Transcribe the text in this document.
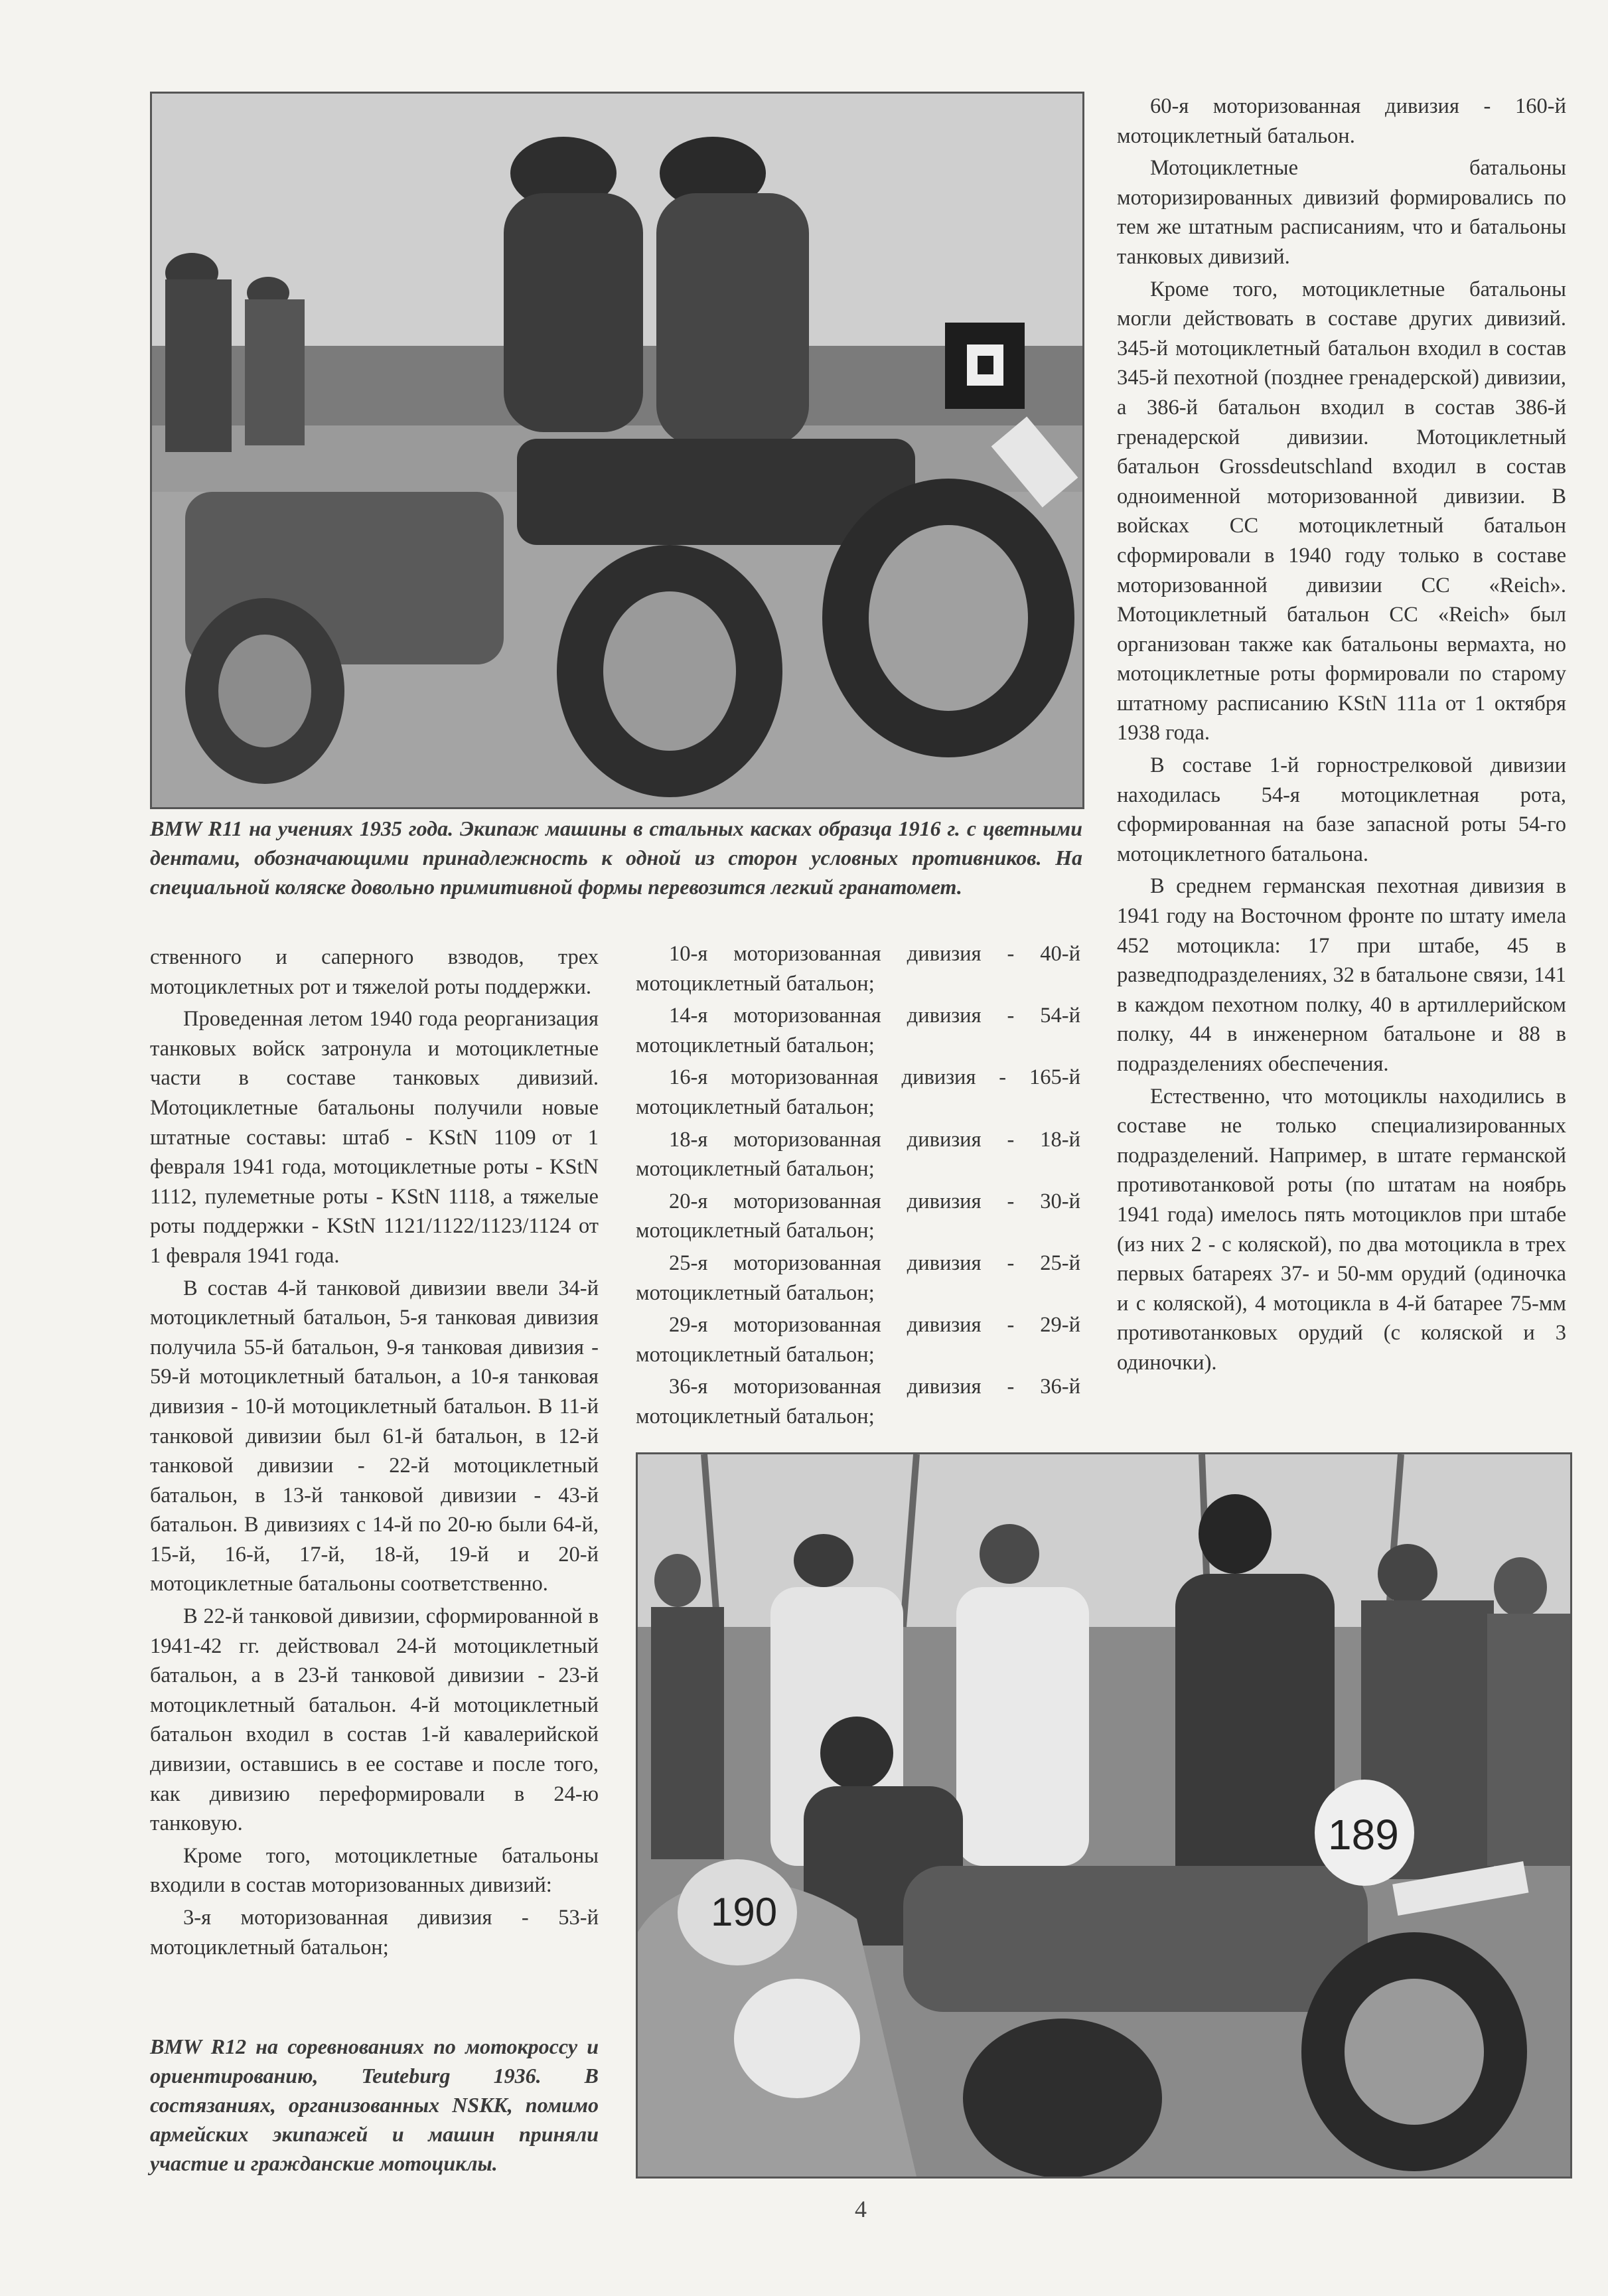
BMW R11 на учениях 1935 года. Экипаж машины в стальных касках образца 1916 г. с цветными дентами, обозначающими принадлежность к одной из сторон условных противников. На специальной коляске довольно примитивной формы перевозится легкий гранатомет.

ственного и саперного взводов, трех мотоциклетных рот и тяжелой роты поддержки.

Проведенная летом 1940 года реорганизация танковых войск затронула и мотоциклетные части в составе танковых дивизий. Мотоциклетные батальоны получили новые штатные составы: штаб - KStN 1109 от 1 февраля 1941 года, мотоциклетные роты - KStN 1112, пулеметные роты - KStN 1118, а тяжелые роты поддержки - KStN 1121/1122/1123/1124 от 1 февраля 1941 года.

В состав 4-й танковой дивизии ввели 34-й мотоциклетный батальон, 5-я танковая дивизия получила 55-й батальон, 9-я танковая дивизия - 59-й мотоциклетный батальон, а 10-я танковая дивизия - 10-й мотоциклетный батальон. В 11-й танковой дивизии был 61-й батальон, в 12-й танковой дивизии - 22-й мотоциклетный батальон, в 13-й танковой дивизии - 43-й батальон. В дивизиях с 14-й по 20-ю были 64-й, 15-й, 16-й, 17-й, 18-й, 19-й и 20-й мотоциклетные батальоны соответственно.

В 22-й танковой дивизии, сформированной в 1941-42 гг. действовал 24-й мотоциклетный батальон, а в 23-й танковой дивизии - 23-й мотоциклетный батальон. 4-й мотоциклетный батальон входил в состав 1-й кавалерийской дивизии, оставшись в ее составе и после того, как дивизию переформировали в 24-ю танковую.

Кроме того, мотоциклетные батальоны входили в состав моторизованных дивизий:

3-я моторизованная дивизия - 53-й мотоциклетный батальон;

BMW R12 на соревнованиях по мотокроссу и ориентированию, Teuteburg 1936. В состязаниях, организованных NSKK, помимо армейских экипажей и машин приняли участие и гражданские мотоциклы.

10-я моторизованная дивизия - 40-й мотоциклетный батальон;

14-я моторизованная дивизия - 54-й мотоциклетный батальон;

16-я моторизованная дивизия - 165-й мотоциклетный батальон;

18-я моторизованная дивизия - 18-й мотоциклетный батальон;

20-я моторизованная дивизия - 30-й мотоциклетный батальон;

25-я моторизованная дивизия - 25-й мотоциклетный батальон;

29-я моторизованная дивизия - 29-й мотоциклетный батальон;

36-я моторизованная дивизия - 36-й мотоциклетный батальон;

60-я моторизованная дивизия - 160-й мотоциклетный батальон.

Мотоциклетные батальоны моторизированных дивизий формировались по тем же штатным расписаниям, что и батальоны танковых дивизий.

Кроме того, мотоциклетные батальоны могли действовать в составе других дивизий. 345-й мотоциклетный батальон входил в состав 345-й пехотной (позднее гренадерской) дивизии, а 386-й батальон входил в состав 386-й гренадерской дивизии. Мотоциклетный батальон Grossdeutschland входил в состав одноименной моторизованной дивизии. В войсках СС мотоциклетный батальон сформировали в 1940 году только в составе моторизованной дивизии СС «Reich». Мотоциклетный батальон СС «Reich» был организован также как батальоны вермахта, но мотоциклетные роты формировали по старому штатному расписанию KStN 111a от 1 октября 1938 года.

В составе 1-й горнострелковой дивизии находилась 54-я мотоциклетная рота, сформированная на базе запасной роты 54-го мотоциклетного батальона.

В среднем германская пехотная дивизия в 1941 году на Восточном фронте по штату имела 452 мотоцикла: 17 при штабе, 45 в разведподразделениях, 32 в батальоне связи, 141 в каждом пехотном полку, 40 в артиллерийском полку, 44 в инженерном батальоне и 88 в подразделениях обеспечения.

Естественно, что мотоциклы находились в составе не только специализированных подразделений. Например, в штате германской противотанковой роты (по штатам на ноябрь 1941 года) имелось пять мотоциклов при штабе (из них 2 - с коляской), по два мотоцикла в трех первых батареях 37- и 50-мм орудий (одиночка и с коляской), 4 мотоцикла в 4-й батарее 75-мм противотанковых орудий (с коляской и 3 одиночки).

190
189
4
